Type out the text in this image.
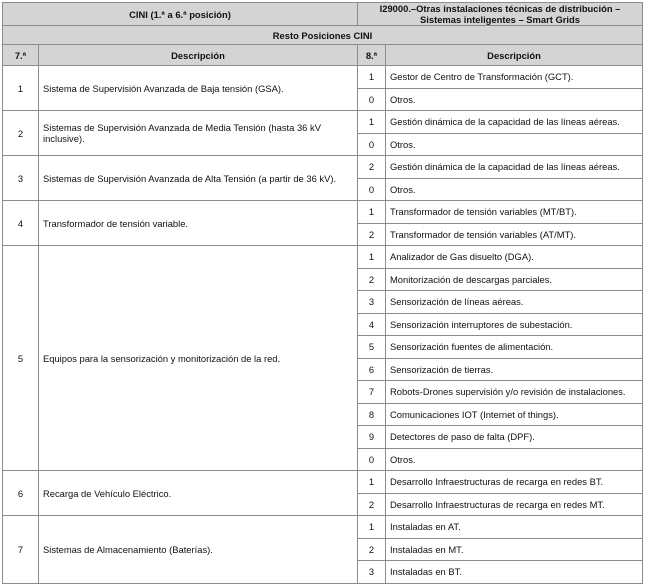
CINI (1.ª a 6.ª posición)		I29000.–Otras instalaciones técnicas de distribución – Sistemas inteligentes – Smart Grids	
Resto Posiciones CINI			
7.ª	Descripción	8.ª	Descripción
1	Sistema de Supervisión Avanzada de Baja tensión (GSA).	1	Gestor de Centro de Transformación (GCT).
		0	Otros.
2	Sistemas de Supervisión Avanzada de Media Tensión (hasta 36 kV inclusive).	1	Gestión dinámica de la capacidad de las líneas aéreas.
		0	Otros.
3	Sistemas de Supervisión Avanzada de Alta Tensión (a partir de 36 kV).	2	Gestión dinámica de la capacidad de las líneas aéreas.
		0	Otros.
4	Transformador de tensión variable.	1	Transformador de tensión variables (MT/BT).
		2	Transformador de tensión variables (AT/MT).
5	Equipos para la sensorización y monitorización de la red.	1	Analizador de Gas disuelto (DGA).
		2	Monitorización de descargas parciales.
		3	Sensorización de líneas aéreas.
		4	Sensorización interruptores de subestación.
		5	Sensorización fuentes de alimentación.
		6	Sensorización de tierras.
		7	Robots-Drones supervisión y/o revisión de instalaciones.
		8	Comunicaciones IOT (Internet of things).
		9	Detectores de paso de falta (DPF).
		0	Otros.
6	Recarga de Vehículo Eléctrico.	1	Desarrollo Infraestructuras de recarga en redes BT.
		2	Desarrollo Infraestructuras de recarga en redes MT.
7	Sistemas de Almacenamiento (Baterías).	1	Instaladas en AT.
		2	Instaladas en MT.
		3	Instaladas en BT.
